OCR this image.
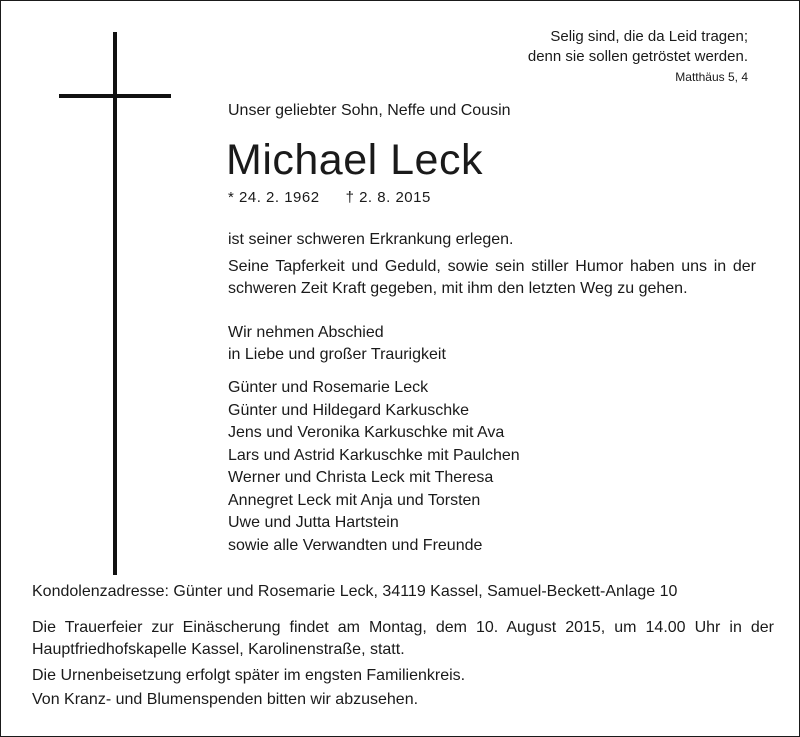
Selig sind, die da Leid tragen;
denn sie sollen getröstet werden.
Matthäus 5, 4
Unser geliebter Sohn, Neffe und Cousin
Michael Leck
* 24. 2. 1962 † 2. 8. 2015
ist seiner schweren Erkrankung erlegen.
Seine Tapferkeit und Geduld, sowie sein stiller Humor haben uns in der schweren Zeit Kraft gegeben, mit ihm den letzten Weg zu gehen.
Wir nehmen Abschied
in Liebe und großer Traurigkeit
Günter und Rosemarie Leck
Günter und Hildegard Karkuschke
Jens und Veronika Karkuschke mit Ava
Lars und Astrid Karkuschke mit Paulchen
Werner und Christa Leck mit Theresa
Annegret Leck mit Anja und Torsten
Uwe und Jutta Hartstein
sowie alle Verwandten und Freunde
Kondolenzadresse: Günter und Rosemarie Leck, 34119 Kassel, Samuel-Beckett-Anlage 10
Die Trauerfeier zur Einäscherung findet am Montag, dem 10. August 2015, um 14.00 Uhr in der Hauptfriedhofskapelle Kassel, Karolinenstraße, statt.
Die Urnenbeisetzung erfolgt später im engsten Familienkreis.
Von Kranz- und Blumenspenden bitten wir abzusehen.
